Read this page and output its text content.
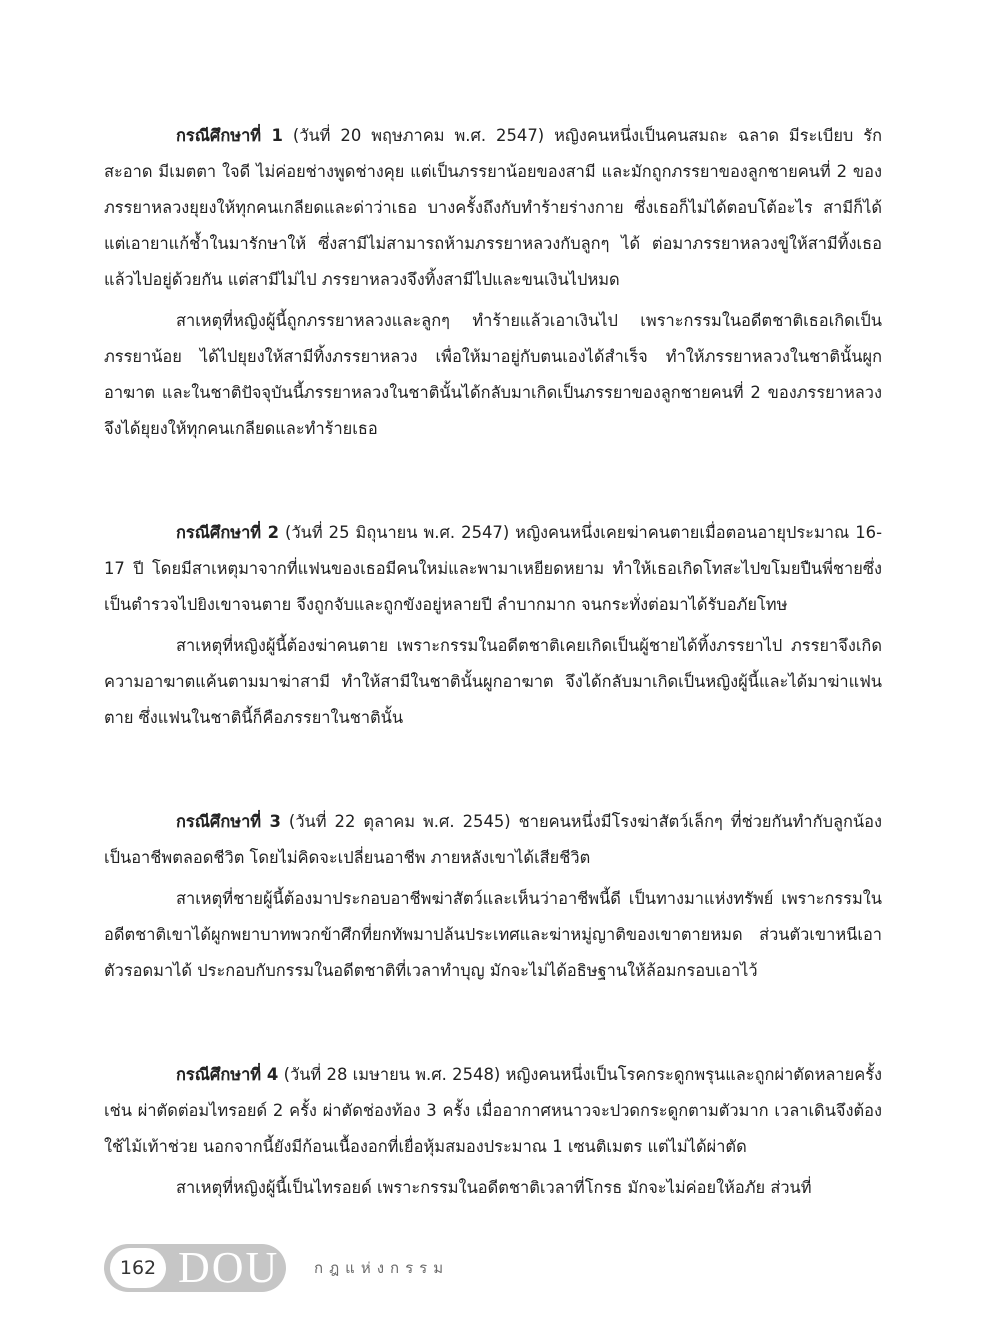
กรณีศึกษาที่ 1 (วันที่ 20 พฤษภาคม พ.ศ. 2547) หญิงคนหนึ่งเป็นคนสมถะ ฉลาด มีระเบียบ รักสะอาด มีเมตตา ใจดี ไม่ค่อยช่างพูดช่างคุย แต่เป็นภรรยาน้อยของสามี และมักถูกภรรยาของลูกชายคนที่ 2 ของภรรยาหลวงยุยงให้ทุกคนเกลียดและด่าว่าเธอ บางครั้งถึงกับทำร้ายร่างกาย ซึ่งเธอก็ไม่ได้ตอบโต้อะไร สามีก็ได้แต่เอายาแก้ช้ำในมารักษาให้ ซึ่งสามีไม่สามารถห้ามภรรยาหลวงกับลูกๆ ได้ ต่อมาภรรยาหลวงขู่ให้สามีทิ้งเธอแล้วไปอยู่ด้วยกัน แต่สามีไม่ไป ภรรยาหลวงจึงทิ้งสามีไปและขนเงินไปหมด

สาเหตุที่หญิงผู้นี้ถูกภรรยาหลวงและลูกๆ ทำร้ายแล้วเอาเงินไป เพราะกรรมในอดีตชาติเธอเกิดเป็นภรรยาน้อย ได้ไปยุยงให้สามีทิ้งภรรยาหลวง เพื่อให้มาอยู่กับตนเองได้สำเร็จ ทำให้ภรรยาหลวงในชาตินั้นผูกอาฆาต และในชาติปัจจุบันนี้ภรรยาหลวงในชาตินั้นได้กลับมาเกิดเป็นภรรยาของลูกชายคนที่ 2 ของภรรยาหลวง จึงได้ยุยงให้ทุกคนเกลียดและทำร้ายเธอ

กรณีศึกษาที่ 2 (วันที่ 25 มิถุนายน พ.ศ. 2547) หญิงคนหนึ่งเคยฆ่าคนตายเมื่อตอนอายุประมาณ 16-17 ปี โดยมีสาเหตุมาจากที่แฟนของเธอมีคนใหม่และพามาเหยียดหยาม ทำให้เธอเกิดโทสะไปขโมยปืนพี่ชายซึ่งเป็นตำรวจไปยิงเขาจนตาย จึงถูกจับและถูกขังอยู่หลายปี ลำบากมาก จนกระทั่งต่อมาได้รับอภัยโทษ

สาเหตุที่หญิงผู้นี้ต้องฆ่าคนตาย เพราะกรรมในอดีตชาติเคยเกิดเป็นผู้ชายได้ทิ้งภรรยาไป ภรรยาจึงเกิดความอาฆาตแค้นตามมาฆ่าสามี ทำให้สามีในชาตินั้นผูกอาฆาต จึงได้กลับมาเกิดเป็นหญิงผู้นี้และได้มาฆ่าแฟนตาย ซึ่งแฟนในชาตินี้ก็คือภรรยาในชาตินั้น

กรณีศึกษาที่ 3 (วันที่ 22 ตุลาคม พ.ศ. 2545) ชายคนหนึ่งมีโรงฆ่าสัตว์เล็กๆ ที่ช่วยกันทำกับลูกน้องเป็นอาชีพตลอดชีวิต โดยไม่คิดจะเปลี่ยนอาชีพ ภายหลังเขาได้เสียชีวิต

สาเหตุที่ชายผู้นี้ต้องมาประกอบอาชีพฆ่าสัตว์และเห็นว่าอาชีพนี้ดี เป็นทางมาแห่งทรัพย์ เพราะกรรมในอดีตชาติเขาได้ผูกพยาบาทพวกข้าศึกที่ยกทัพมาปล้นประเทศและฆ่าหมู่ญาติของเขาตายหมด ส่วนตัวเขาหนีเอาตัวรอดมาได้ ประกอบกับกรรมในอดีตชาติที่เวลาทำบุญ มักจะไม่ได้อธิษฐานให้ล้อมกรอบเอาไว้

กรณีศึกษาที่ 4 (วันที่ 28 เมษายน พ.ศ. 2548) หญิงคนหนึ่งเป็นโรคกระดูกพรุนและถูกผ่าตัดหลายครั้ง เช่น ผ่าตัดต่อมไทรอยด์ 2 ครั้ง ผ่าตัดช่องท้อง 3 ครั้ง เมื่ออากาศหนาวจะปวดกระดูกตามตัวมาก เวลาเดินจึงต้องใช้ไม้เท้าช่วย นอกจากนี้ยังมีก้อนเนื้องอกที่เยื่อหุ้มสมองประมาณ 1 เซนติเมตร แต่ไม่ได้ผ่าตัด

สาเหตุที่หญิงผู้นี้เป็นไทรอยด์ เพราะกรรมในอดีตชาติเวลาที่โกรธ มักจะไม่ค่อยให้อภัย ส่วนที่

162 DOU กฎแห่งกรรม
